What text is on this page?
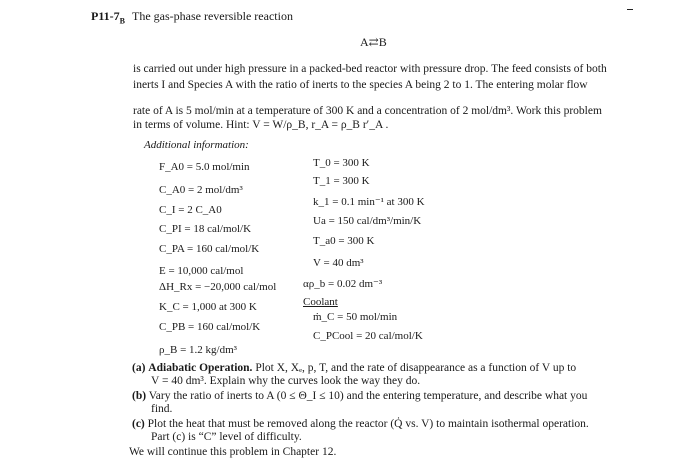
$P11-7_B$ The gas-phase reversible reaction
A⇄B
is carried out under high pressure in a packed-bed reactor with pressure drop. The feed consists of both
inerts I and Species A with the ratio of inerts to the species A being 2 to 1. The entering molar flow
rate of A is 5 mol/min at a temperature of 300 K and a concentration of 2 mol/dm³. Work this problem
in terms of volume. Hint: V = W/ρ_B, r_A = ρ_B r′_A .
Additional information:
F_A0 = 5.0 mol/min
C_A0 = 2 mol/dm³
C_I = 2 C_A0
C_PI = 18 cal/mol/K
C_PA = 160 cal/mol/K
E = 10,000 cal/mol
ΔH_Rx = −20,000 cal/mol
K_C = 1,000 at 300 K
C_PB = 160 cal/mol/K
ρ_B = 1.2 kg/dm³
T_0 = 300 K
T_1 = 300 K
k_1 = 0.1 min⁻¹ at 300 K
Ua = 150 cal/dm³/min/K
T_a0 = 300 K
V = 40 dm³
αρ_b = 0.02 dm⁻³
Coolant
ṁ_C = 50 mol/min
C_PCool = 20 cal/mol/K
(a) Adiabatic Operation. Plot X, Xₑ, p, T, and the rate of disappearance as a function of V up to
V = 40 dm³. Explain why the curves look the way they do.
(b) Vary the ratio of inerts to A (0 ≤ Θ_I ≤ 10) and the entering temperature, and describe what you
find.
(c) Plot the heat that must be removed along the reactor (Q̇ vs. V) to maintain isothermal operation.
Part (c) is “C” level of difficulty.
We will continue this problem in Chapter 12.
